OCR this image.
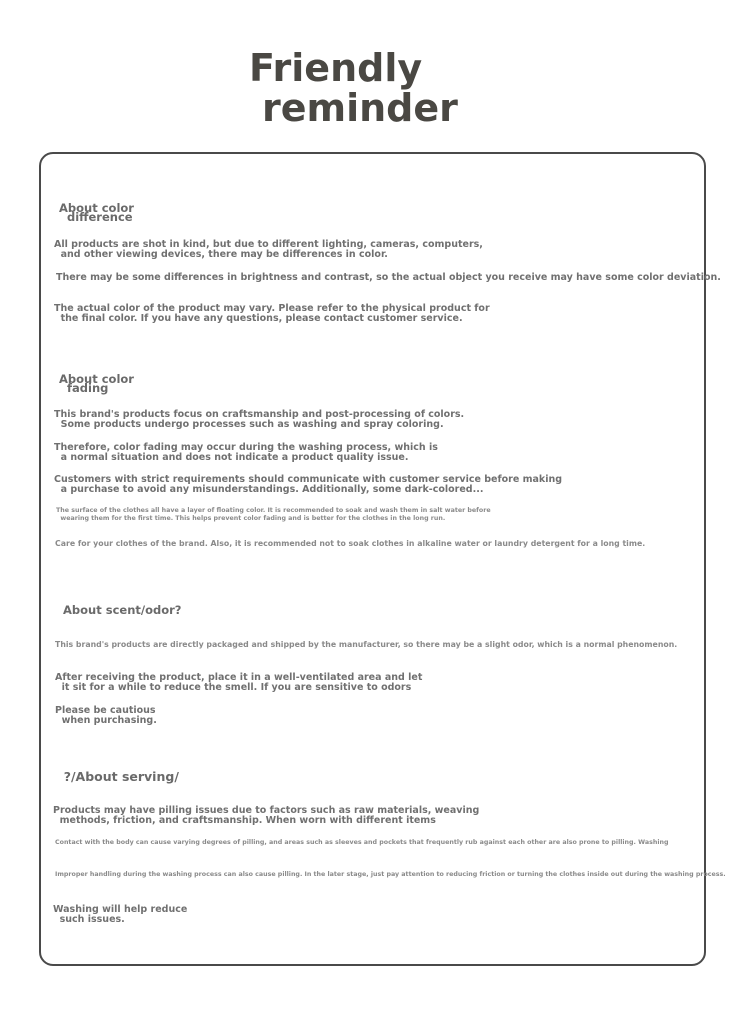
Friendly
reminder
About color
difference
All products are shot in kind, but due to different lighting, cameras, computers,
and other viewing devices, there may be differences in color.
There may be some differences in brightness and contrast, so the actual object you receive may have some color deviation.
The actual color of the product may vary. Please refer to the physical product for
the final color. If you have any questions, please contact customer service.
About color
fading
This brand's products focus on craftsmanship and post-processing of colors.
Some products undergo processes such as washing and spray coloring.
Therefore, color fading may occur during the washing process, which is
a normal situation and does not indicate a product quality issue.
Customers with strict requirements should communicate with customer service before making
a purchase to avoid any misunderstandings. Additionally, some dark-colored...
The surface of the clothes all have a layer of floating color. It is recommended to soak and wash them in salt water before
wearing them for the first time. This helps prevent color fading and is better for the clothes in the long run.
Care for your clothes of the brand. Also, it is recommended not to soak clothes in alkaline water or laundry detergent for a long time.
About scent/odor?
This brand's products are directly packaged and shipped by the manufacturer, so there may be a slight odor, which is a normal phenomenon.
After receiving the product, place it in a well-ventilated area and let
it sit for a while to reduce the smell. If you are sensitive to odors
Please be cautious
when purchasing.
?/About serving/
Products may have pilling issues due to factors such as raw materials, weaving
methods, friction, and craftsmanship. When worn with different items
Contact with the body can cause varying degrees of pilling, and areas such as sleeves and pockets that frequently rub against each other are also prone to pilling. Washing
Improper handling during the washing process can also cause pilling. In the later stage, just pay attention to reducing friction or turning the clothes inside out during the washing process.
Washing will help reduce
such issues.
